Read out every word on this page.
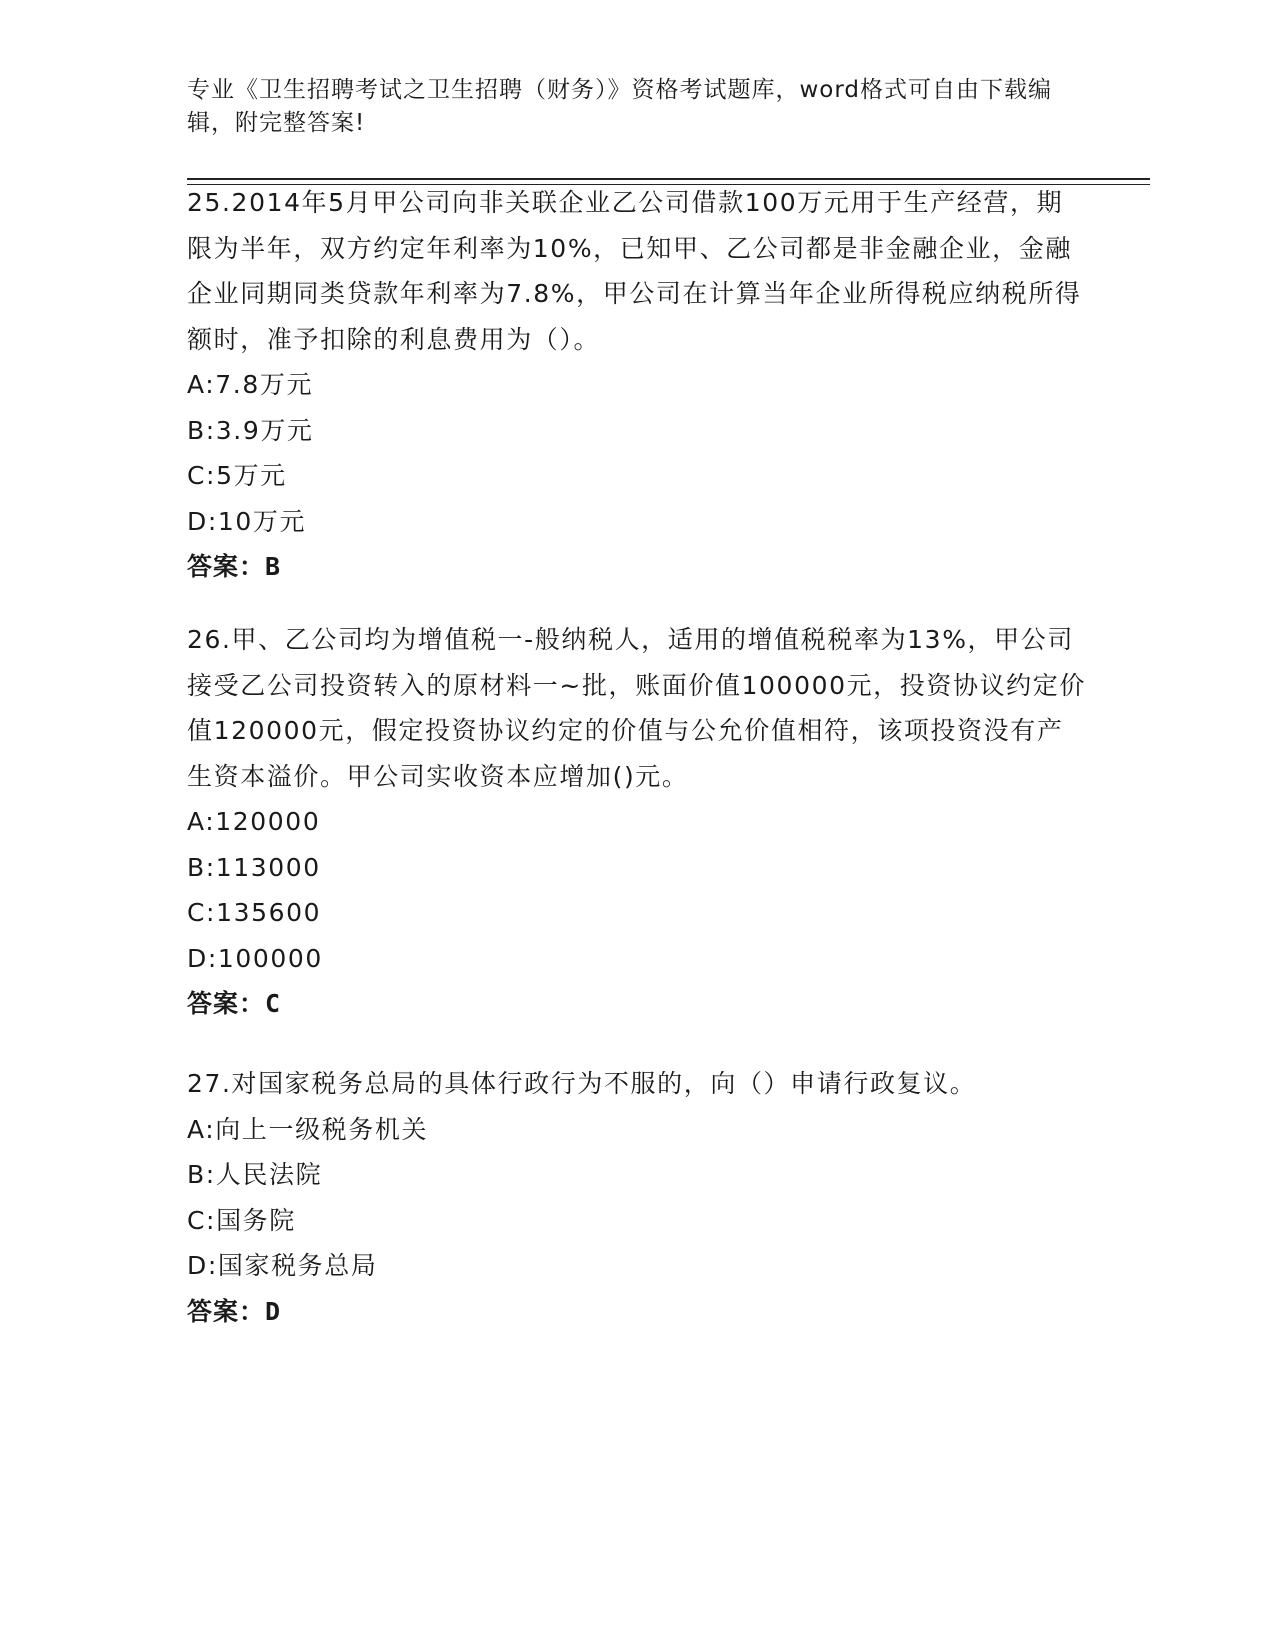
专业《卫生招聘考试之卫生招聘（财务）》资格考试题库，word格式可自由下载编辑，附完整答案!

25.2014年5月甲公司向非关联企业乙公司借款100万元用于生产经营，期限为半年，双方约定年利率为10%，已知甲、乙公司都是非金融企业，金融企业同期同类贷款年利率为7.8%，甲公司在计算当年企业所得税应纳税所得额时，准予扣除的利息费用为（）。

A:7.8万元
B:3.9万元
C:5万元
D:10万元
答案：B

26.甲、乙公司均为增值税一-般纳税人，适用的增值税税率为13%，甲公司接受乙公司投资转入的原材料一~批，账面价值100000元，投资协议约定价值120000元，假定投资协议约定的价值与公允价值相符，该项投资没有产生资本溢价。甲公司实收资本应增加()元。

A:120000
B:113000
C:135600
D:100000
答案：C

27.对国家税务总局的具体行政行为不服的，向（）申请行政复议。

A:向上一级税务机关
B:人民法院
C:国务院
D:国家税务总局
答案：D
